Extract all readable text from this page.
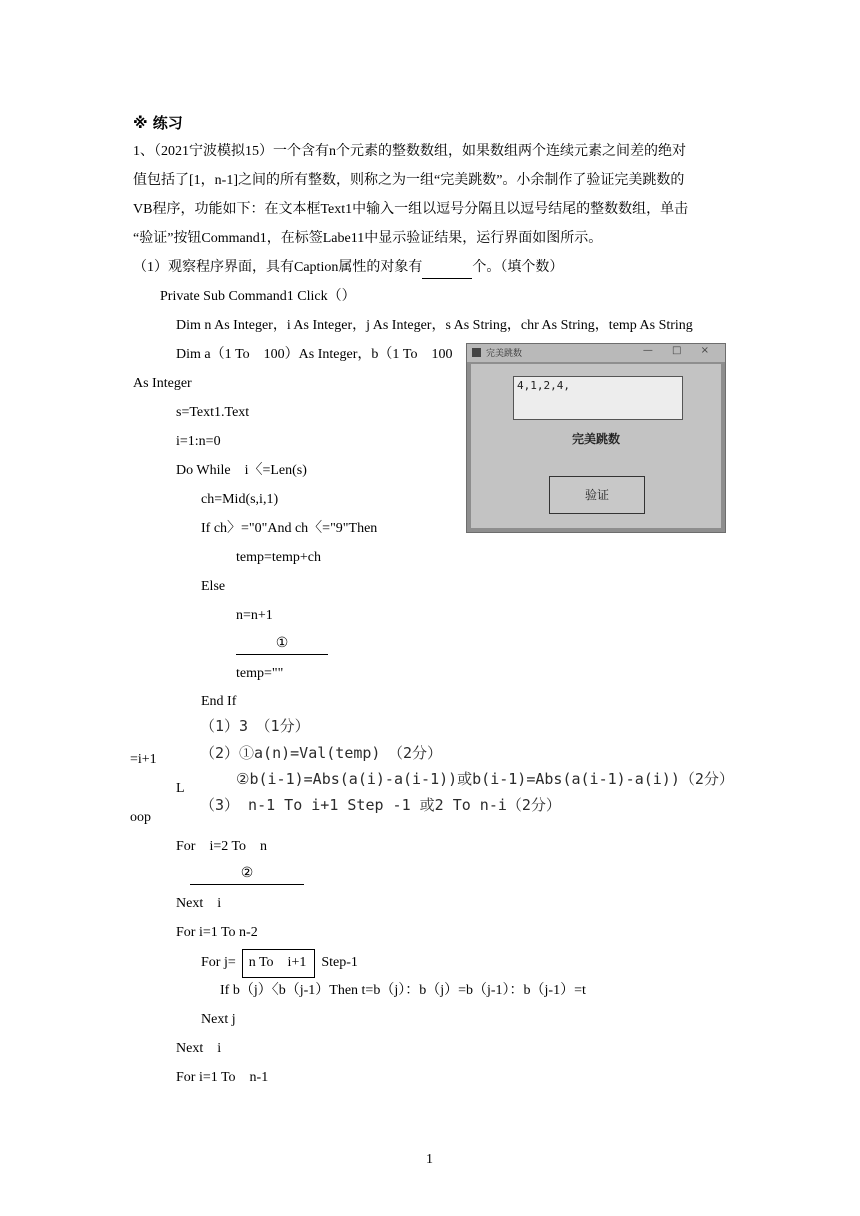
※ 练习
1、（2021宁波模拟15）一个含有n个元素的整数数组，如果数组两个连续元素之间差的绝对
值包括了[1，n-1]之间的所有整数，则称之为一组“完美跳数”。小余制作了验证完美跳数的
VB程序，功能如下：在文本框Text1中输入一组以逗号分隔且以逗号结尾的整数数组，单击
“验证”按钮Command1，在标签Labe11中显示验证结果，运行界面如图所示。
（1）观察程序界面，具有Caption属性的对象有	个。（填个数）
Private Sub Command1 Click（）
Dim n As Integer，i As Integer，j As Integer，s As String，chr As String，temp As String
Dim a（1 To　100）As Integer，b（1 To　100
As Integer
s=Text1.Text
i=1:n=0
Do While　i〈=Len(s)
ch=Mid(s,i,1)
If ch〉="0"And ch〈="9"Then
temp=temp+ch
Else
n=n+1
①
temp=""
End If
=i+1
L
oop
For　i=2 To　n
②
Next　i
For i=1 To n-2
For j= n To　i+1 Step-1
If b（j）〈b（j-1）Then t=b（j）：b（j）=b（j-1）：b（j-1）=t
Next j
Next　i
For i=1 To　n-1
（1）3　（1分）
（2）①a(n)=Val(temp)　（2分）
②b(i-1)=Abs(a(i)-a(i-1))或b(i-1)=Abs(a(i-1)-a(i))（2分）
（3） n-1 To i+1 Step -1 或2 To n-i（2分）
完美跳数	— □ ×
4,1,2,4,
完美跳数
验证
1
